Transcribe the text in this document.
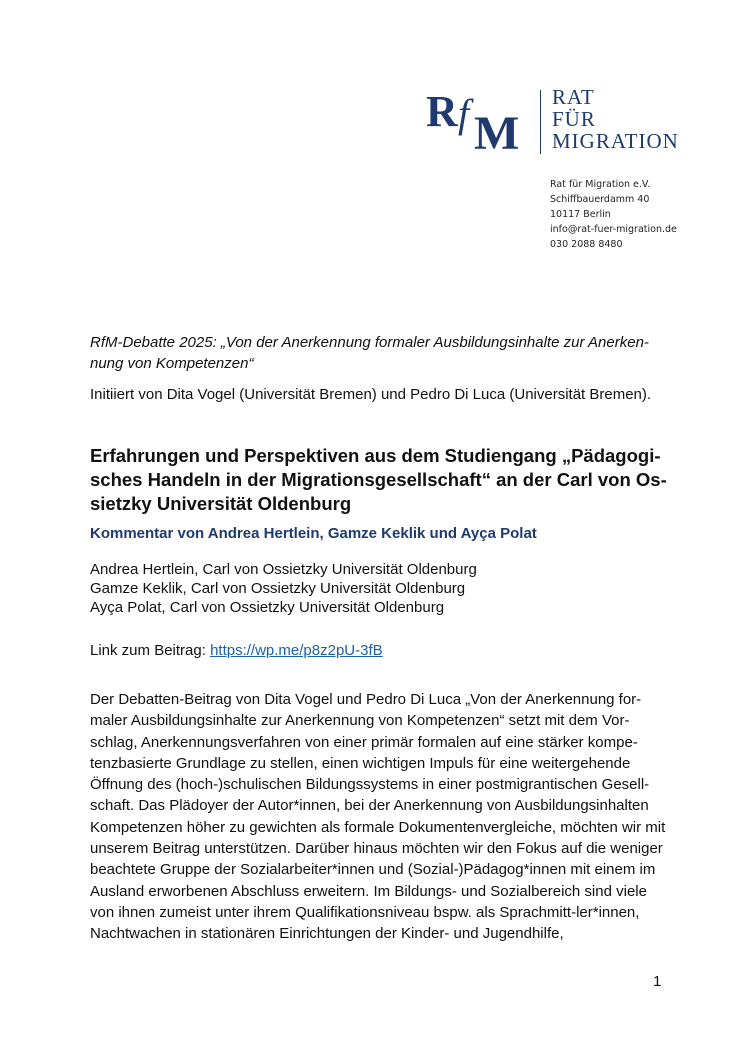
R f M
RAT
FÜR
MIGRATION
Rat für Migration e.V.
Schiffbauerdamm 40
10117 Berlin
info@rat-fuer-migration.de
030 2088 8480

RfM-Debatte 2025: „Von der Anerkennung formaler Ausbildungsinhalte zur Anerken-nung von Kompetenzen“

Initiiert von Dita Vogel (Universität Bremen) und Pedro Di Luca (Universität Bremen).

Erfahrungen und Perspektiven aus dem Studiengang „Pädagogi-sches Handeln in der Migrationsgesellschaft“ an der Carl von Os-sietzky Universität Oldenburg
Kommentar von Andrea Hertlein, Gamze Keklik und Ayça Polat
Andrea Hertlein, Carl von Ossietzky Universität Oldenburg
Gamze Keklik, Carl von Ossietzky Universität Oldenburg
Ayça Polat, Carl von Ossietzky Universität Oldenburg

Link zum Beitrag: https://wp.me/p8z2pU-3fB

Der Debatten-Beitrag von Dita Vogel und Pedro Di Luca „Von der Anerkennung for-maler Ausbildungsinhalte zur Anerkennung von Kompetenzen“ setzt mit dem Vor-schlag, Anerkennungsverfahren von einer primär formalen auf eine stärker kompe-tenzbasierte Grundlage zu stellen, einen wichtigen Impuls für eine weitergehende Öffnung des (hoch-)schulischen Bildungssystems in einer postmigrantischen Gesell-schaft. Das Plädoyer der Autor*innen, bei der Anerkennung von Ausbildungsinhalten Kompetenzen höher zu gewichten als formale Dokumentenvergleiche, möchten wir mit unserem Beitrag unterstützen. Darüber hinaus möchten wir den Fokus auf die weniger beachtete Gruppe der Sozialarbeiter*innen und (Sozial-)Pädagog*innen mit einem im Ausland erworbenen Abschluss erweitern. Im Bildungs- und Sozialbereich sind viele von ihnen zumeist unter ihrem Qualifikationsniveau bspw. als Sprachmitt-ler*innen, Nachtwachen in stationären Einrichtungen der Kinder- und Jugendhilfe,

1
